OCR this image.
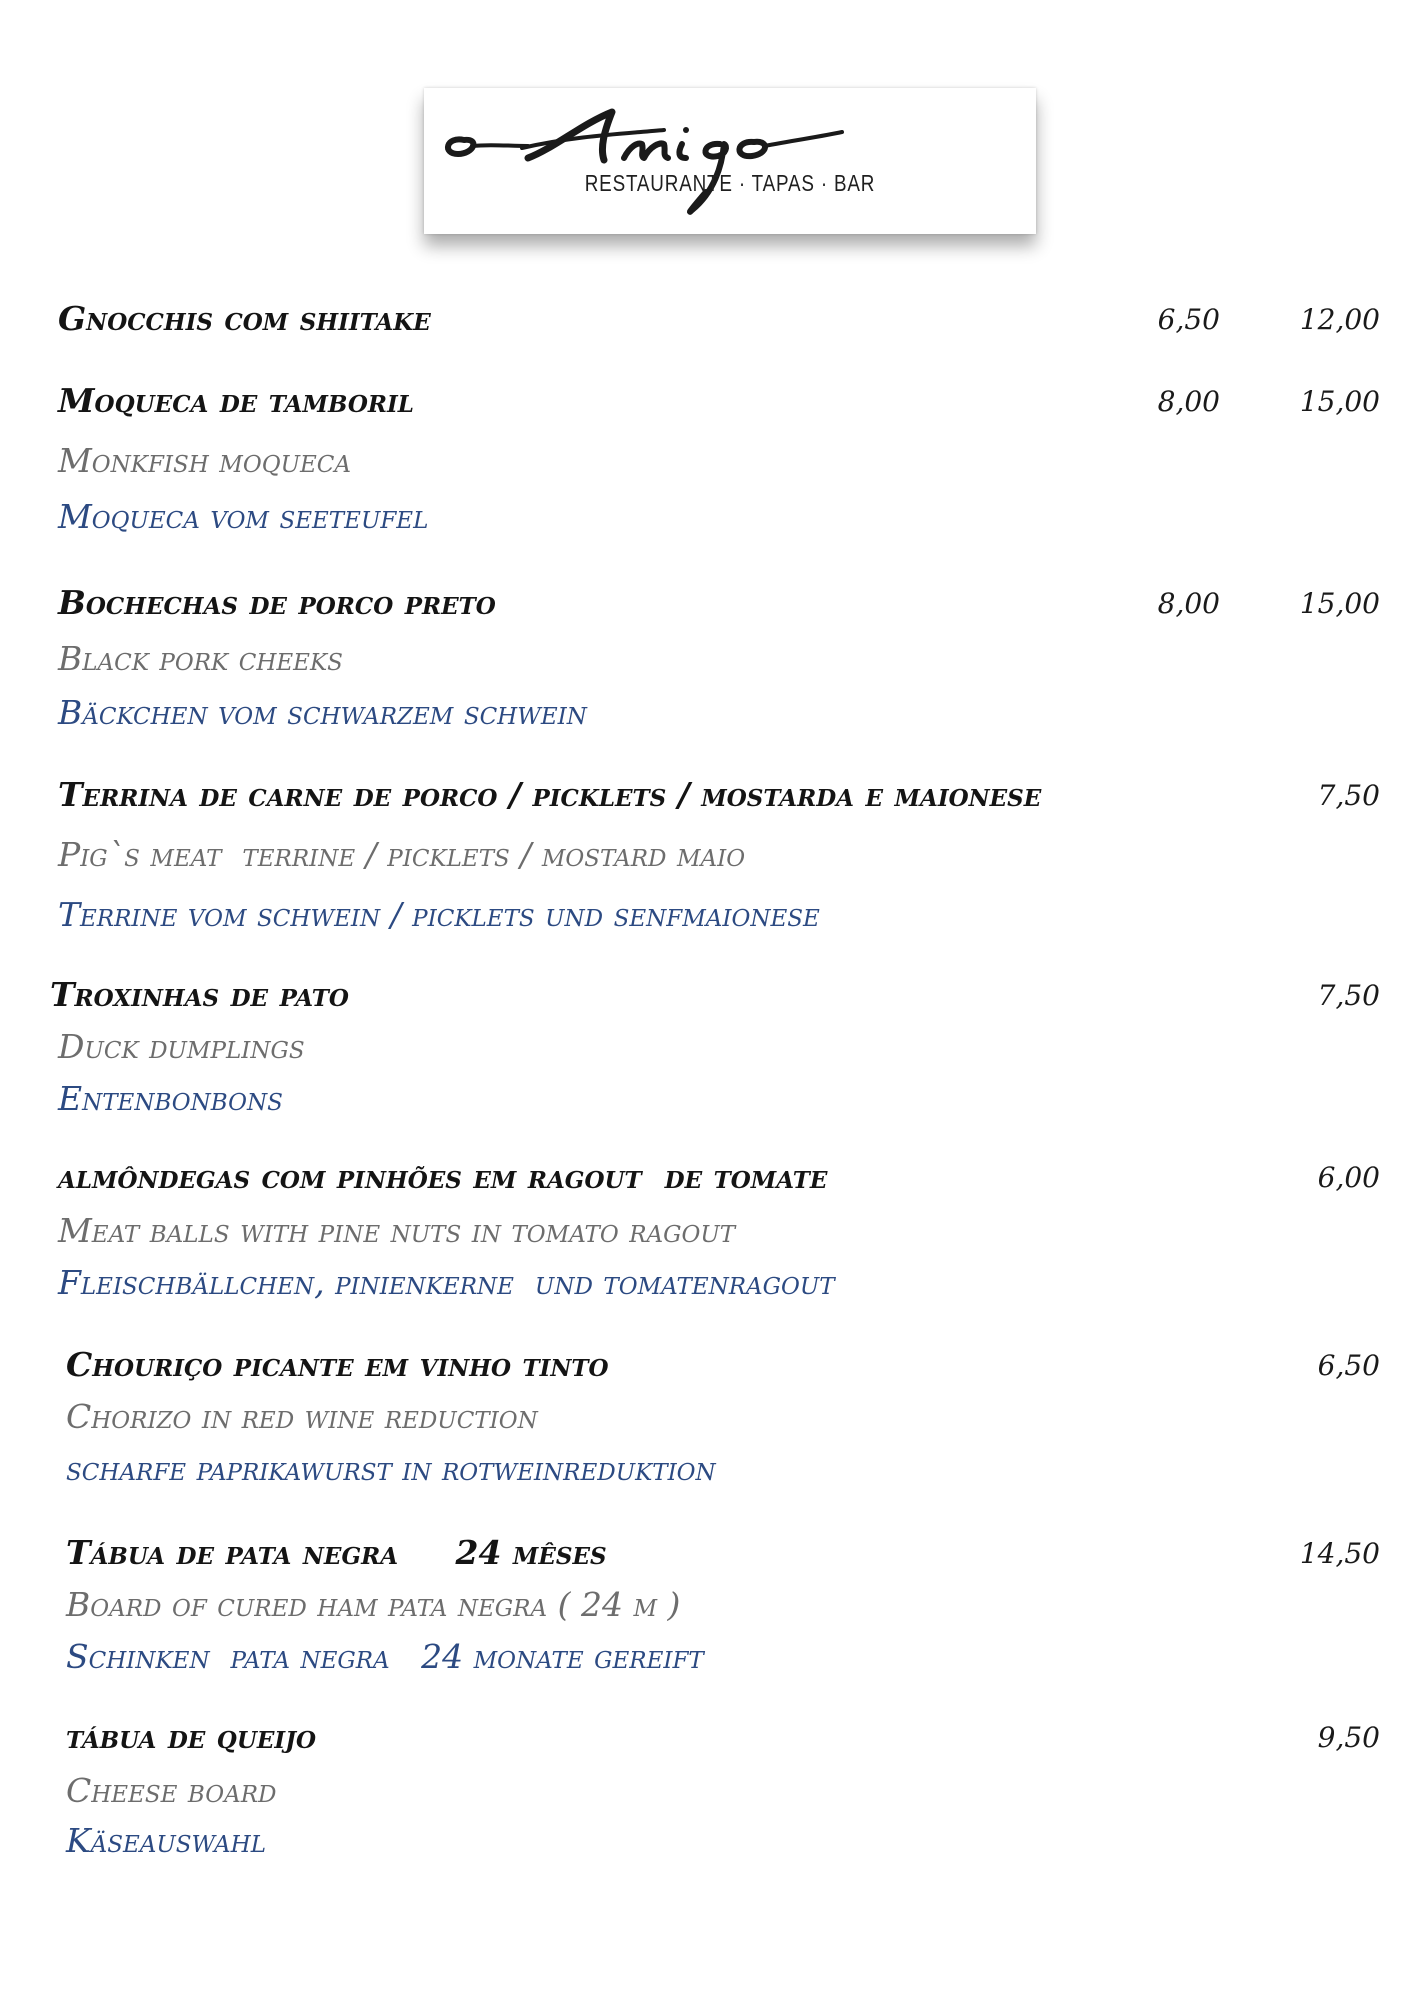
RESTAURANTE · TAPAS · BAR
Gnocchis com shiitake	6,50	12,00
Moqueca de tamboril	8,00	15,00
Monkfish moqueca
Moqueca vom seeteufel
Bochechas de porco preto	8,00	15,00
Black pork cheeks
Bäckchen vom schwarzem schwein
Terrina de carne de porco / picklets / mostarda e maionese	7,50
Pig`s meat  terrine / picklets / mostard maio
Terrine vom schwein / picklets und senfmaionese
Troxinhas de pato	7,50
Duck dumplings
Entenbonbons
almôndegas com pinhões em ragout  de tomate	6,00
Meat balls with pine nuts in tomato ragout
Fleischbällchen, pinienkerne  und tomatenragout
Chouriço picante em vinho tinto	6,50
Chorizo in red wine reduction
scharfe paprikawurst in rotweinreduktion
Tábua de pata negra     24 mêses	14,50
Board of cured ham pata negra ( 24 m )
Schinken  pata negra   24 monate gereift
tábua de queijo	9,50
Cheese board
Käseauswahl
